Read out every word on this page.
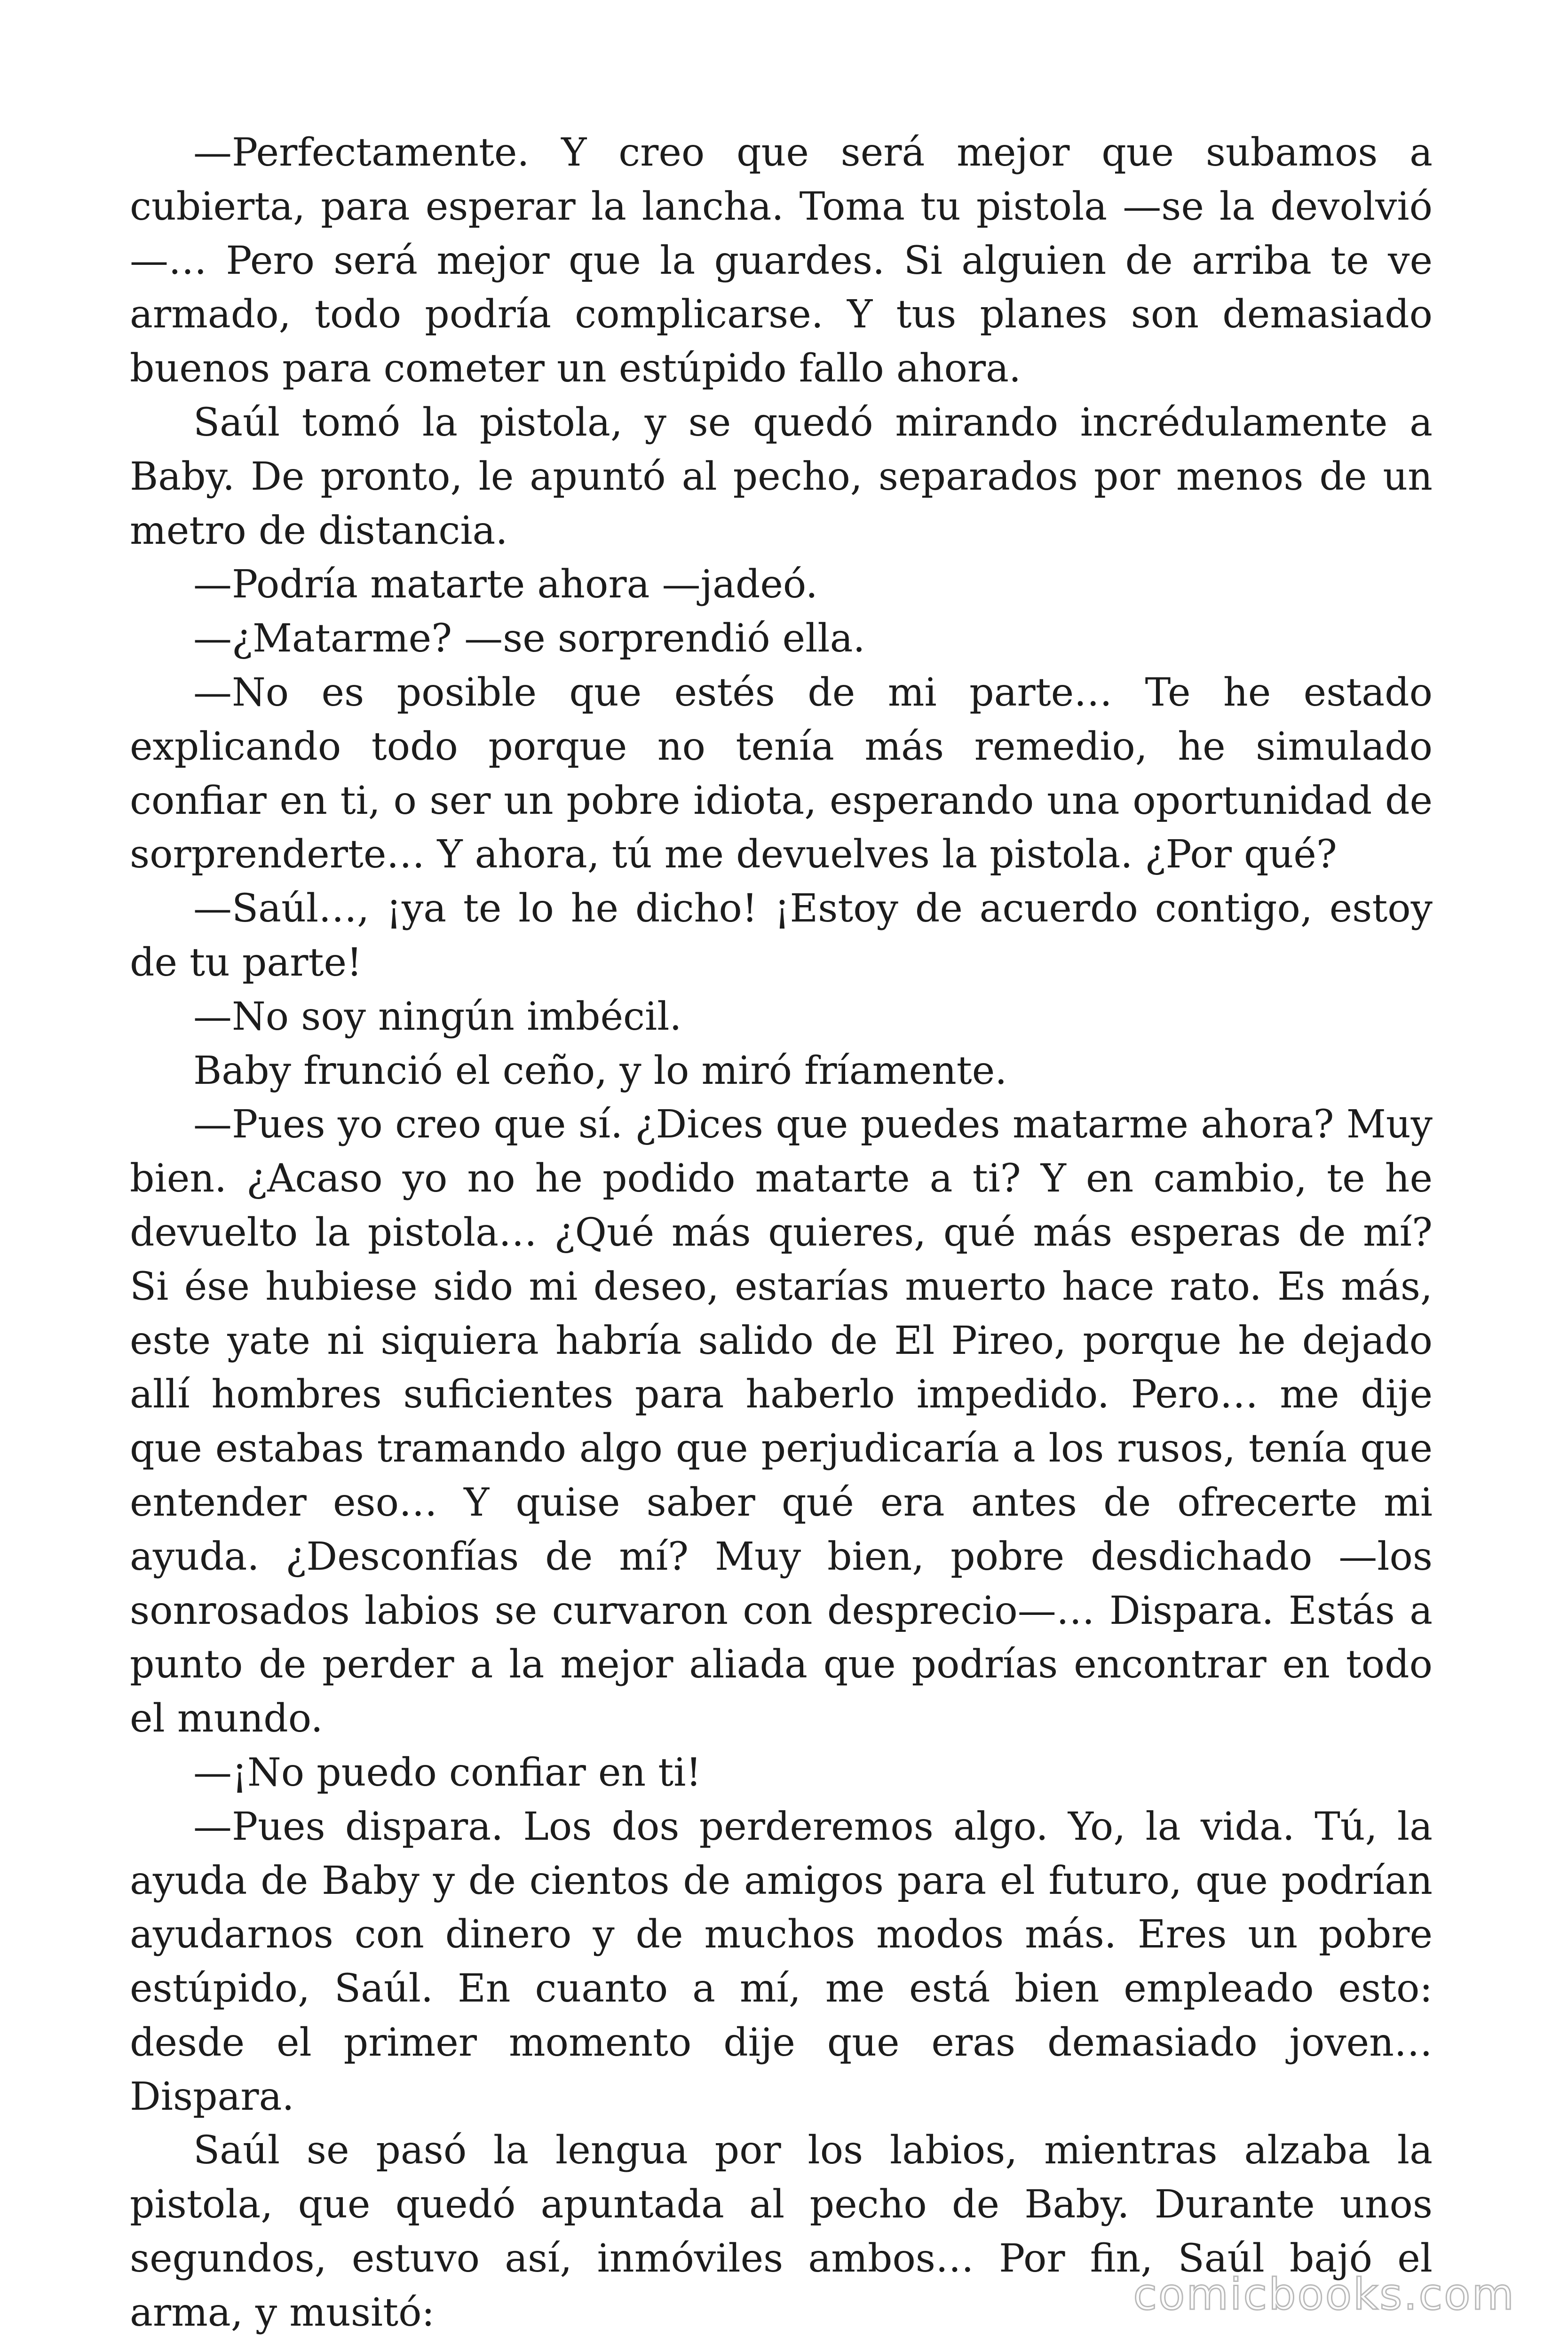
—Perfectamente. Y creo que será mejor que subamos a cubierta, para esperar la lancha. Toma tu pistola —se la devolvió—… Pero será mejor que la guardes. Si alguien de arriba te ve armado, todo podría complicarse. Y tus planes son demasiado buenos para cometer un estúpido fallo ahora.

Saúl tomó la pistola, y se quedó mirando incrédulamente a Baby. De pronto, le apuntó al pecho, separados por menos de un metro de distancia.

—Podría matarte ahora —jadeó.

—¿Matarme? —se sorprendió ella.

—No es posible que estés de mi parte… Te he estado explicando todo porque no tenía más remedio, he simulado confiar en ti, o ser un pobre idiota, esperando una oportunidad de sorprenderte… Y ahora, tú me devuelves la pistola. ¿Por qué?

—Saúl…, ¡ya te lo he dicho! ¡Estoy de acuerdo contigo, estoy de tu parte!

—No soy ningún imbécil.

Baby frunció el ceño, y lo miró fríamente.

—Pues yo creo que sí. ¿Dices que puedes matarme ahora? Muy bien. ¿Acaso yo no he podido matarte a ti? Y en cambio, te he devuelto la pistola… ¿Qué más quieres, qué más esperas de mí? Si ése hubiese sido mi deseo, estarías muerto hace rato. Es más, este yate ni siquiera habría salido de El Pireo, porque he dejado allí hombres suficientes para haberlo impedido. Pero… me dije que estabas tramando algo que perjudicaría a los rusos, tenía que entender eso… Y quise saber qué era antes de ofrecerte mi ayuda. ¿Desconfías de mí? Muy bien, pobre desdichado —los sonrosados labios se curvaron con desprecio—… Dispara. Estás a punto de perder a la mejor aliada que podrías encontrar en todo el mundo.

—¡No puedo confiar en ti!

—Pues dispara. Los dos perderemos algo. Yo, la vida. Tú, la ayuda de Baby y de cientos de amigos para el futuro, que podrían ayudarnos con dinero y de muchos modos más. Eres un pobre estúpido, Saúl. En cuanto a mí, me está bien empleado esto: desde el primer momento dije que eras demasiado joven… Dispara.

Saúl se pasó la lengua por los labios, mientras alzaba la pistola, que quedó apuntada al pecho de Baby. Durante unos segundos, estuvo así, inmóviles ambos… Por fin, Saúl bajó el arma, y musitó:	comicbooks.com
